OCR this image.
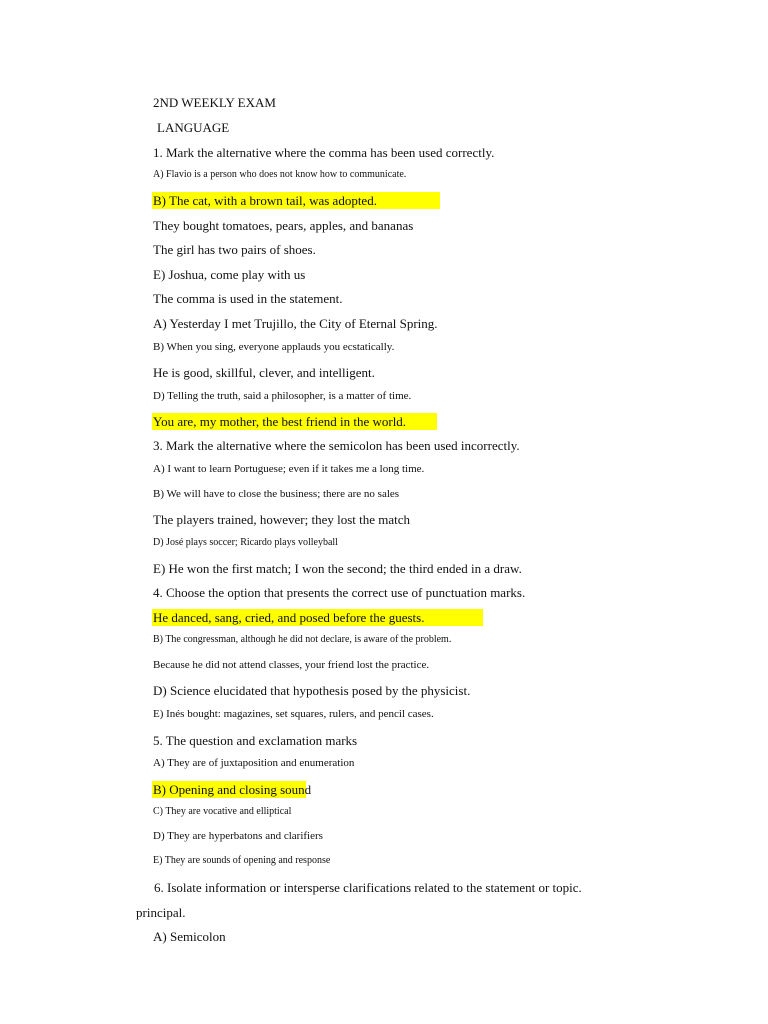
2ND WEEKLY EXAM
LANGUAGE
1. Mark the alternative where the comma has been used correctly.
A) Flavio is a person who does not know how to communicate.
B) The cat, with a brown tail, was adopted.
They bought tomatoes, pears, apples, and bananas
The girl has two pairs of shoes.
E) Joshua, come play with us
The comma is used in the statement.
A) Yesterday I met Trujillo, the City of Eternal Spring.
B) When you sing, everyone applauds you ecstatically.
He is good, skillful, clever, and intelligent.
D) Telling the truth, said a philosopher, is a matter of time.
You are, my mother, the best friend in the world.
3. Mark the alternative where the semicolon has been used incorrectly.
A) I want to learn Portuguese; even if it takes me a long time.
B) We will have to close the business; there are no sales
The players trained, however; they lost the match
D) José plays soccer; Ricardo plays volleyball
E) He won the first match; I won the second; the third ended in a draw.
4. Choose the option that presents the correct use of punctuation marks.
He danced, sang, cried, and posed before the guests.
B) The congressman, although he did not declare, is aware of the problem.
Because he did not attend classes, your friend lost the practice.
D) Science elucidated that hypothesis posed by the physicist.
E) Inés bought: magazines, set squares, rulers, and pencil cases.
5. The question and exclamation marks
A) They are of juxtaposition and enumeration
B) Opening and closing sound
C) They are vocative and elliptical
D) They are hyperbatons and clarifiers
E) They are sounds of opening and response
6. Isolate information or intersperse clarifications related to the statement or topic.
principal.
A) Semicolon
